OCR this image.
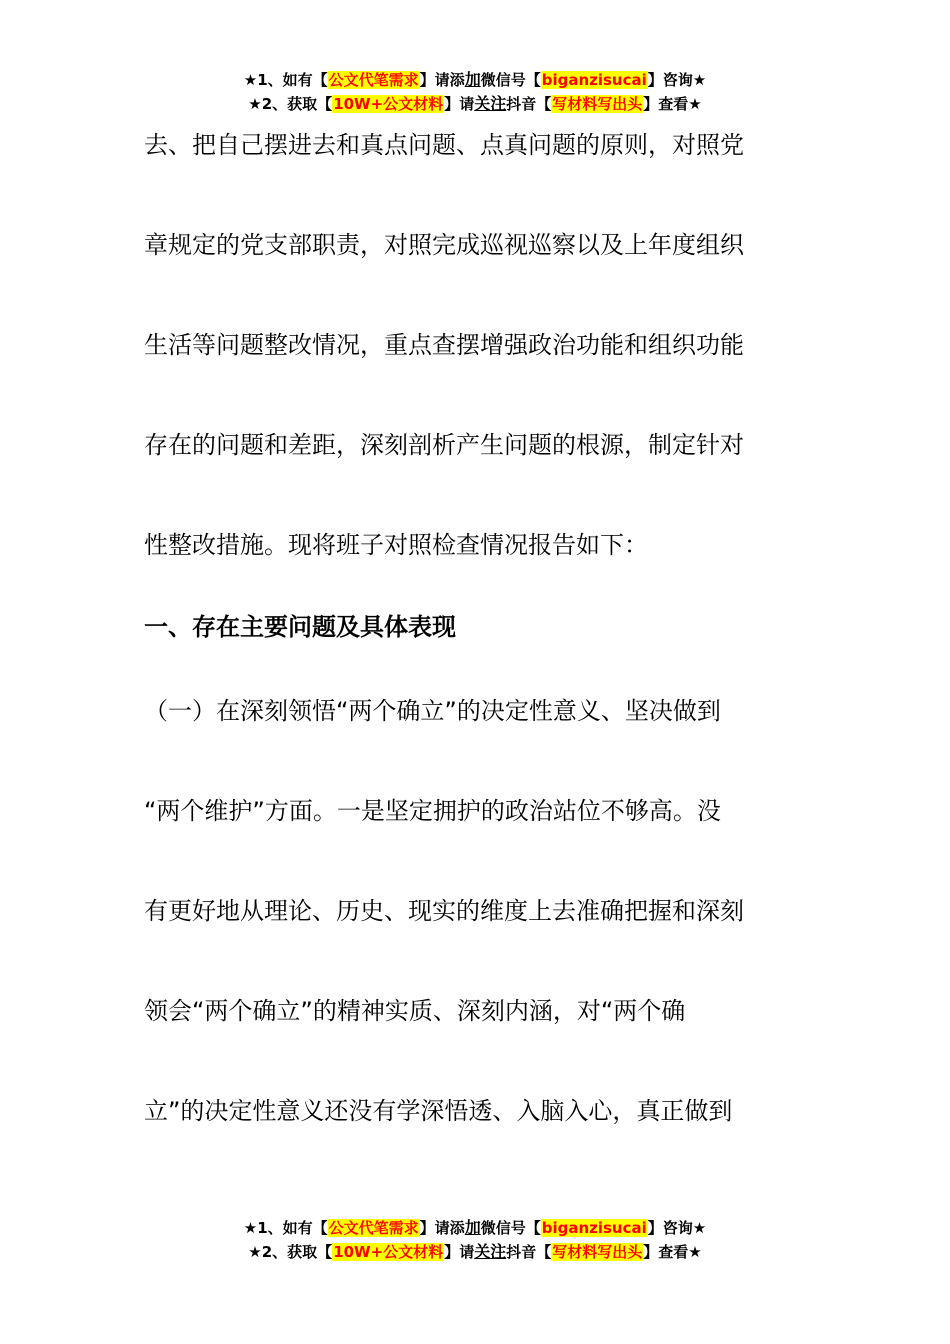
★1、如有【公文代笔需求】请添加微信号【biganzisucai】咨询★
★2、获取【10W+公文材料】请关注抖音【写材料写出头】查看★
去、把自己摆进去和真点问题、点真问题的原则，对照党
章规定的党支部职责，对照完成巡视巡察以及上年度组织
生活等问题整改情况，重点查摆增强政治功能和组织功能
存在的问题和差距，深刻剖析产生问题的根源，制定针对
性整改措施。现将班子对照检查情况报告如下：
一、存在主要问题及具体表现
（一）在深刻领悟“两个确立”的决定性意义、坚决做到
“两个维护”方面。一是坚定拥护的政治站位不够高。没
有更好地从理论、历史、现实的维度上去准确把握和深刻
领会“两个确立”的精神实质、深刻内涵，对“两个确
立”的决定性意义还没有学深悟透、入脑入心，真正做到
★1、如有【公文代笔需求】请添加微信号【biganzisucai】咨询★
★2、获取【10W+公文材料】请关注抖音【写材料写出头】查看★
